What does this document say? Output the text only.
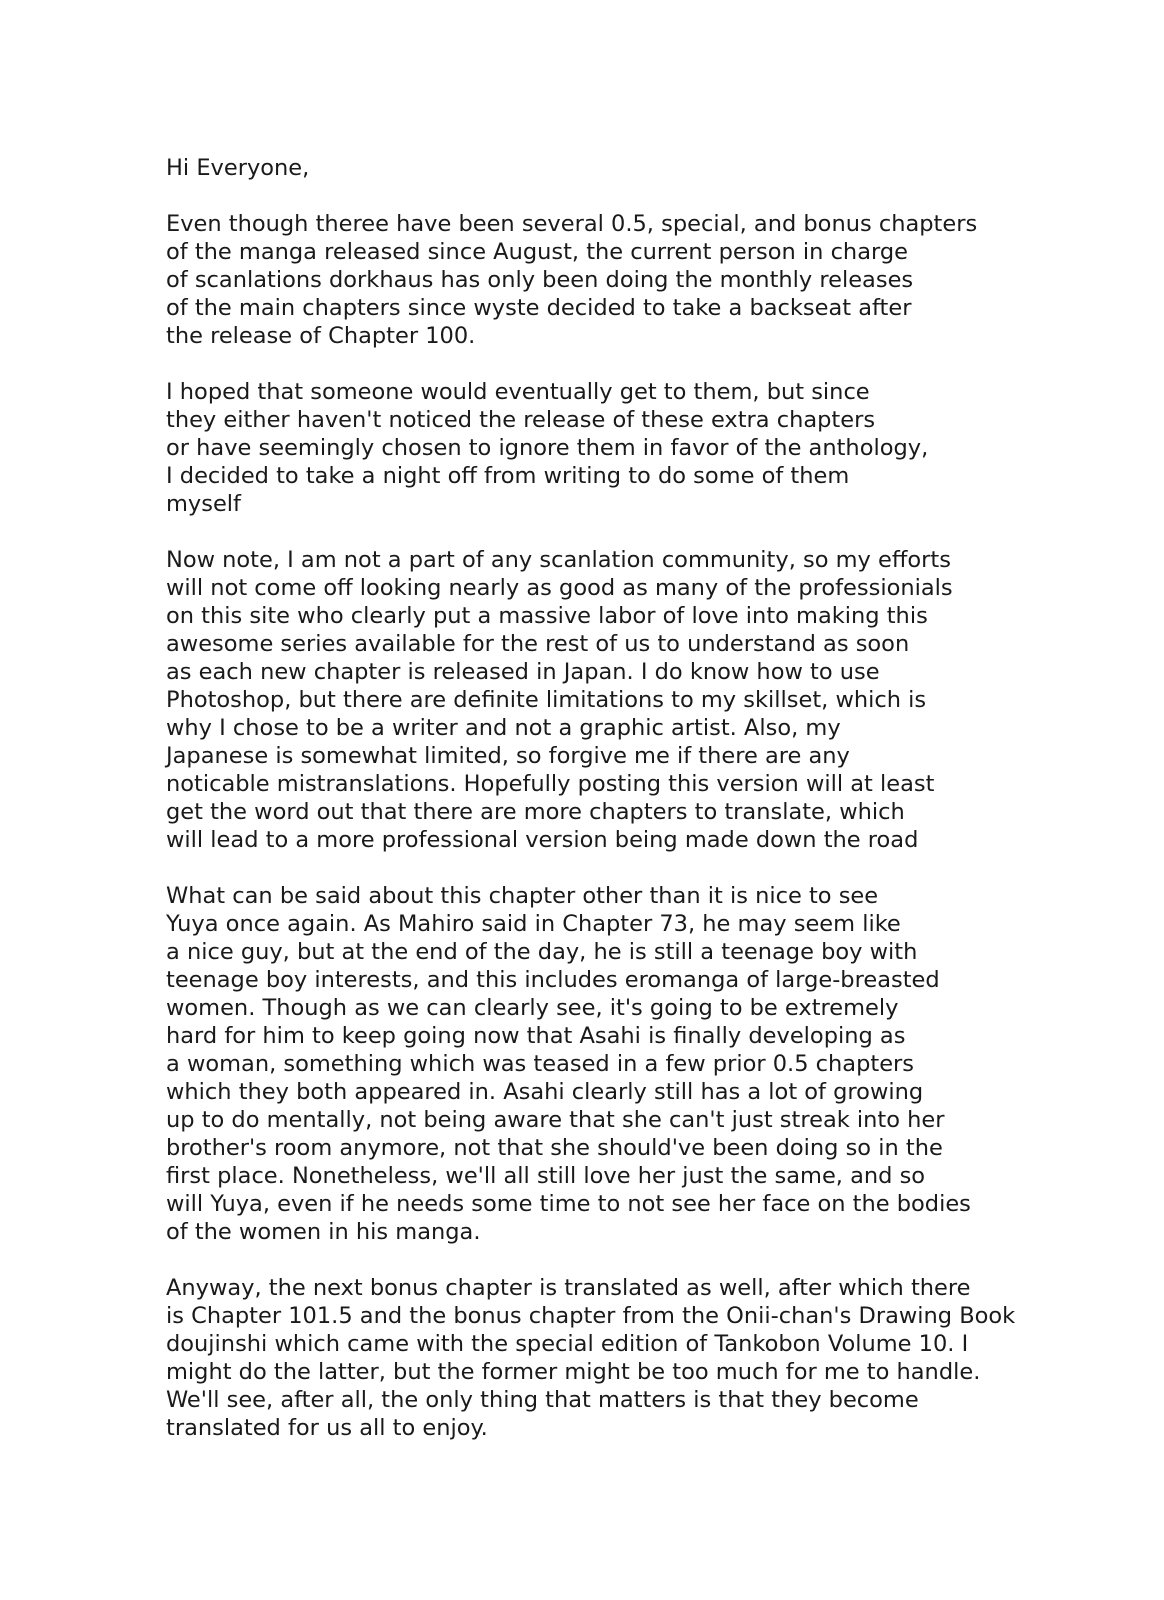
Hi Everyone,
Even though theree have been several 0.5, special, and bonus chapters
of the manga released since August, the current person in charge
of scanlations dorkhaus has only been doing the monthly releases
of the main chapters since wyste decided to take a backseat after
the release of Chapter 100.
I hoped that someone would eventually get to them, but since
they either haven't noticed the release of these extra chapters
or have seemingly chosen to ignore them in favor of the anthology,
I decided to take a night off from writing to do some of them
myself
Now note, I am not a part of any scanlation community, so my efforts
will not come off looking nearly as good as many of the professionials
on this site who clearly put a massive labor of love into making this
awesome series available for the rest of us to understand as soon
as each new chapter is released in Japan. I do know how to use
Photoshop, but there are definite limitations to my skillset, which is
why I chose to be a writer and not a graphic artist. Also, my
Japanese is somewhat limited, so forgive me if there are any
noticable mistranslations. Hopefully posting this version will at least
get the word out that there are more chapters to translate, which
will lead to a more professional version being made down the road
What can be said about this chapter other than it is nice to see
Yuya once again. As Mahiro said in Chapter 73, he may seem like
a nice guy, but at the end of the day, he is still a teenage boy with
teenage boy interests, and this includes eromanga of large-breasted
women. Though as we can clearly see, it's going to be extremely
hard for him to keep going now that Asahi is finally developing as
a woman, something which was teased in a few prior 0.5 chapters
which they both appeared in. Asahi clearly still has a lot of growing
up to do mentally, not being aware that she can't just streak into her
brother's room anymore, not that she should've been doing so in the
first place. Nonetheless, we'll all still love her just the same, and so
will Yuya, even if he needs some time to not see her face on the bodies
of the women in his manga.
Anyway, the next bonus chapter is translated as well, after which there
is Chapter 101.5 and the bonus chapter from the Onii-chan's Drawing Book
doujinshi which came with the special edition of Tankobon Volume 10. I
might do the latter, but the former might be too much for me to handle.
We'll see, after all, the only thing that matters is that they become
translated for us all to enjoy.
